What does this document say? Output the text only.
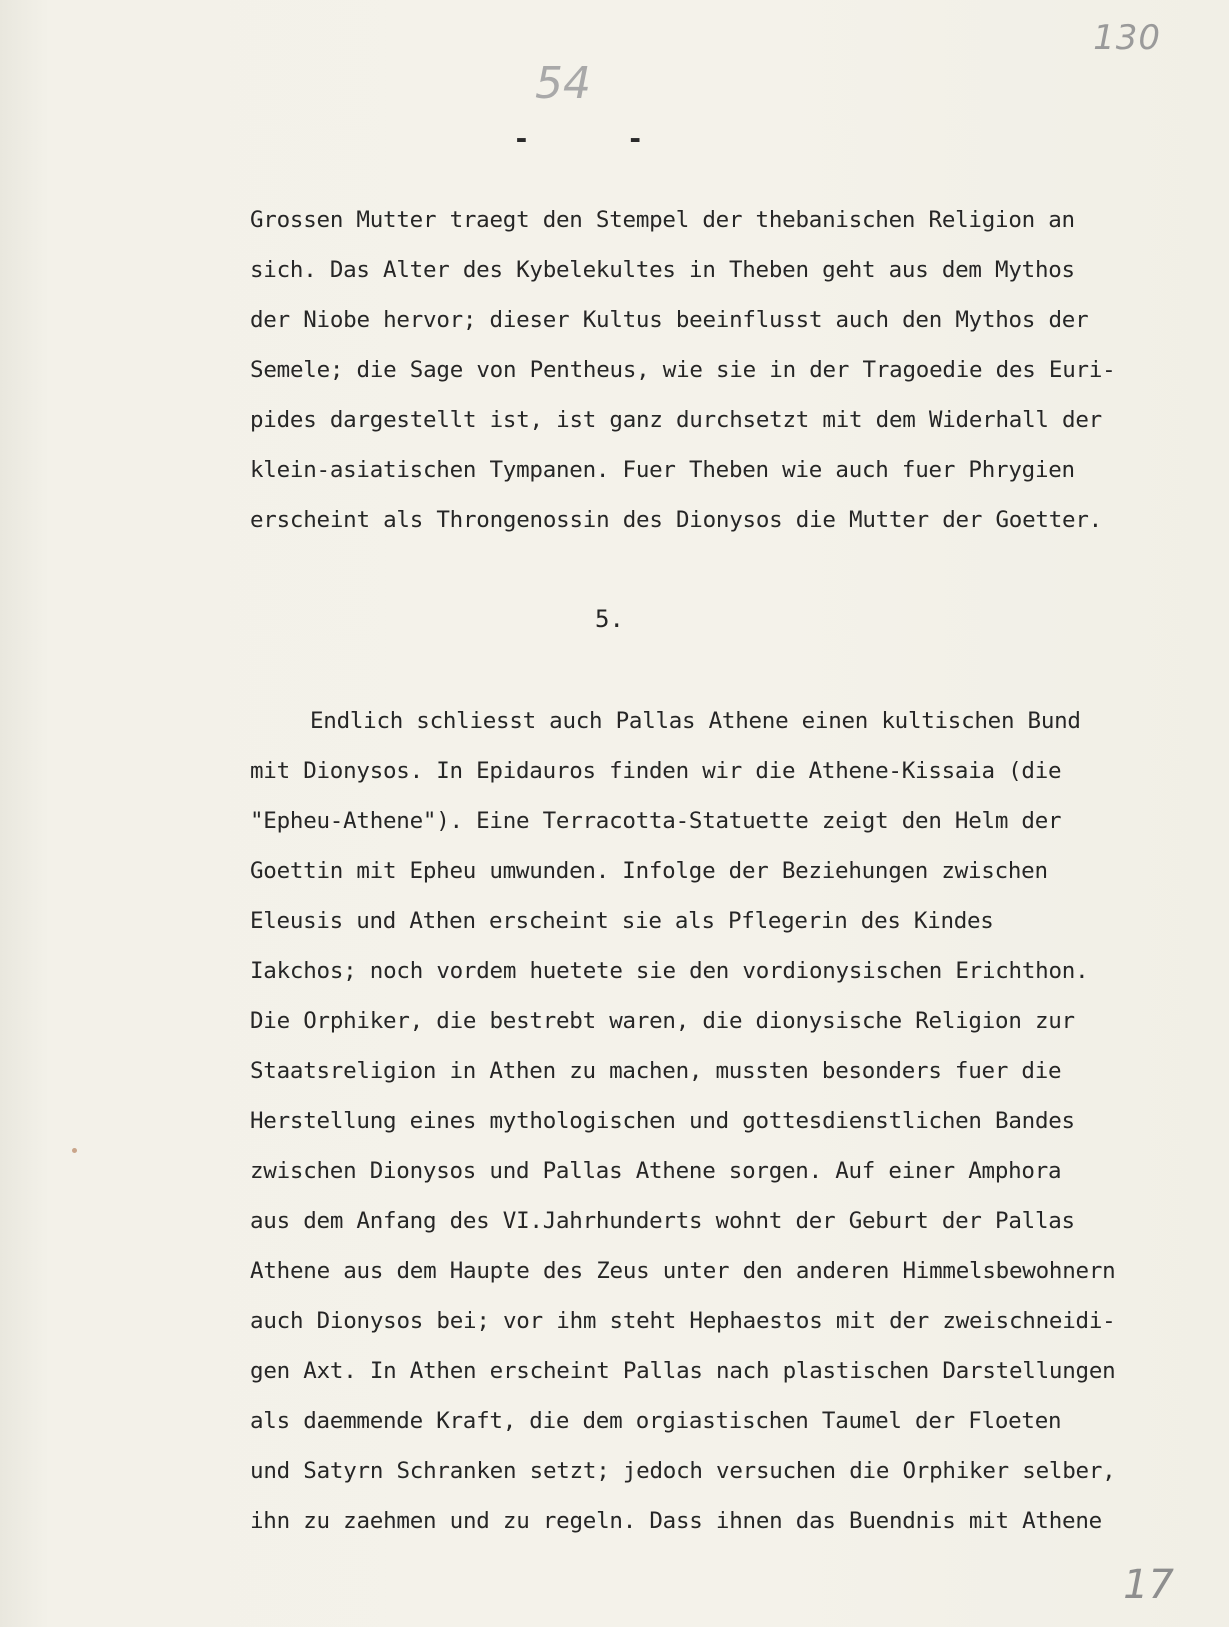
130
54
- -
Grossen Mutter traegt den Stempel der thebanischen Religion an
sich. Das Alter des Kybelekultes in Theben geht aus dem Mythos
der Niobe hervor; dieser Kultus beeinflusst auch den Mythos der
Semele; die Sage von Pentheus, wie sie in der Tragoedie des Euri-
pides dargestellt ist, ist ganz durchsetzt mit dem Widerhall der
klein-asiatischen Tympanen. Fuer Theben wie auch fuer Phrygien
erscheint als Throngenossin des Dionysos die Mutter der Goetter.
5.
Endlich schliesst auch Pallas Athene einen kultischen Bund
mit Dionysos. In Epidauros finden wir die Athene-Kissaia (die
"Epheu-Athene"). Eine Terracotta-Statuette zeigt den Helm der
Goettin mit Epheu umwunden. Infolge der Beziehungen zwischen
Eleusis und Athen erscheint sie als Pflegerin des Kindes
Iakchos; noch vordem huetete sie den vordionysischen Erichthon.
Die Orphiker, die bestrebt waren, die dionysische Religion zur
Staatsreligion in Athen zu machen, mussten besonders fuer die
Herstellung eines mythologischen und gottesdienstlichen Bandes
zwischen Dionysos und Pallas Athene sorgen. Auf einer Amphora
aus dem Anfang des VI.Jahrhunderts wohnt der Geburt der Pallas
Athene aus dem Haupte des Zeus unter den anderen Himmelsbewohnern
auch Dionysos bei; vor ihm steht Hephaestos mit der zweischneidi-
gen Axt. In Athen erscheint Pallas nach plastischen Darstellungen
als daemmende Kraft, die dem orgiastischen Taumel der Floeten
und Satyrn Schranken setzt; jedoch versuchen die Orphiker selber,
ihn zu zaehmen und zu regeln. Dass ihnen das Buendnis mit Athene
17
